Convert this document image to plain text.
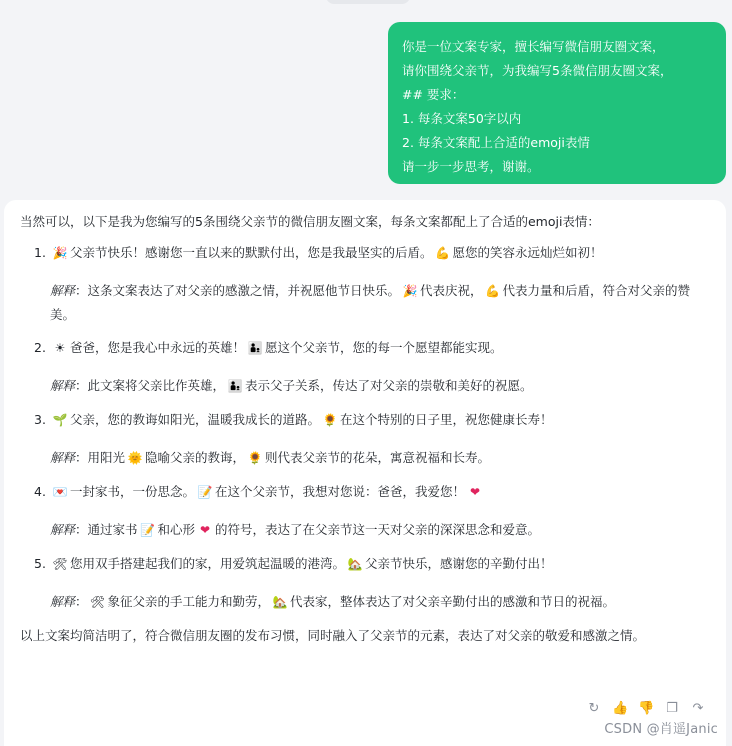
你是一位文案专家，擅长编写微信朋友圈文案，
请你围绕父亲节，为我编写5条微信朋友圈文案，
## 要求：
1. 每条文案50字以内
2. 每条文案配上合适的emoji表情
请一步一步思考，谢谢。

当然可以，以下是我为您编写的5条围绕父亲节的微信朋友圈文案，每条文案都配上了合适的emoji表情：

1. 🎉 父亲节快乐！感谢您一直以来的默默付出，您是我最坚实的后盾。 💪 愿您的笑容永远灿烂如初！

解释：这条文案表达了对父亲的感激之情，并祝愿他节日快乐。 🎉 代表庆祝， 💪 代表力量和后盾，符合对父亲的赞美。

2. ☀ 爸爸，您是我心中永远的英雄！ 👨‍👦 愿这个父亲节，您的每一个愿望都能实现。

解释：此文案将父亲比作英雄， 👨‍👦 表示父子关系，传达了对父亲的崇敬和美好的祝愿。

3. 🌱 父亲，您的教诲如阳光，温暖我成长的道路。 🌻 在这个特别的日子里，祝您健康长寿！

解释：用阳光 🌞 隐喻父亲的教诲， 🌻 则代表父亲节的花朵，寓意祝福和长寿。

4. 💌 一封家书，一份思念。 📝 在这个父亲节，我想对您说：爸爸，我爱您！ ❤

解释：通过家书 📝 和心形 ❤ 的符号，表达了在父亲节这一天对父亲的深深思念和爱意。

5. 🛠 您用双手搭建起我们的家，用爱筑起温暖的港湾。 🏡 父亲节快乐，感谢您的辛勤付出！

解释： 🛠 象征父亲的手工能力和勤劳， 🏡 代表家，整体表达了对父亲辛勤付出的感激和节日的祝福。

以上文案均简洁明了，符合微信朋友圈的发布习惯，同时融入了父亲节的元素，表达了对父亲的敬爱和感激之情。

↻ 👍 👎 ❐ ↷
CSDN @肖遥Janic
